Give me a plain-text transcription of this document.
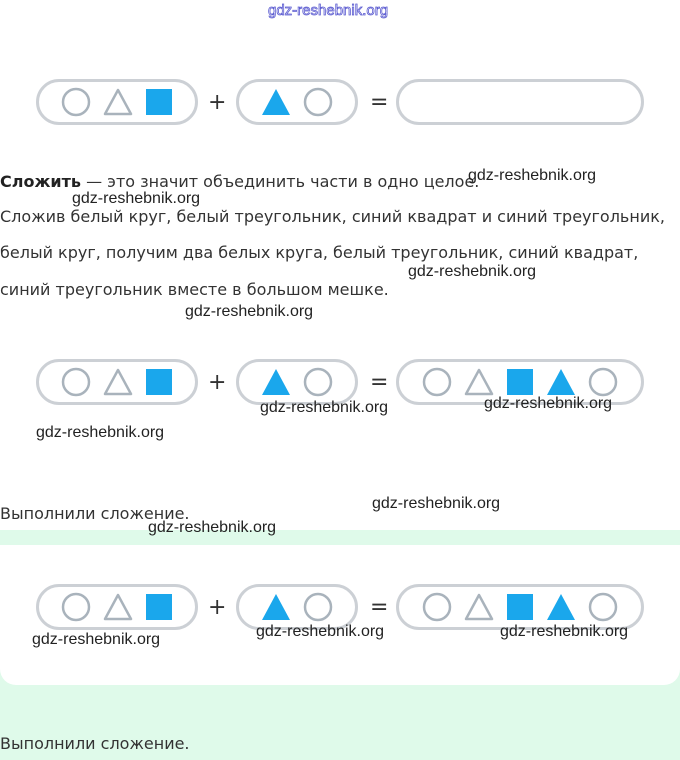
gdz-reshebnik.org
+	=

Сложить — это значит объединить части в одно целое.

Сложив белый круг, белый треугольник, синий квадрат и синий треугольник,

белый круг, получим два белых круга, белый треугольник, синий квадрат,

синий треугольник вместе в большом мешке.

+	=

Выполнили сложение.

+	=

Выполнили сложение.

gdz-reshebnik.org
gdz-reshebnik.org
gdz-reshebnik.org
gdz-reshebnik.org
gdz-reshebnik.org	gdz-reshebnik.org
gdz-reshebnik.org
gdz-reshebnik.org
gdz-reshebnik.org
gdz-reshebnik.org	gdz-reshebnik.org
gdz-reshebnik.org
